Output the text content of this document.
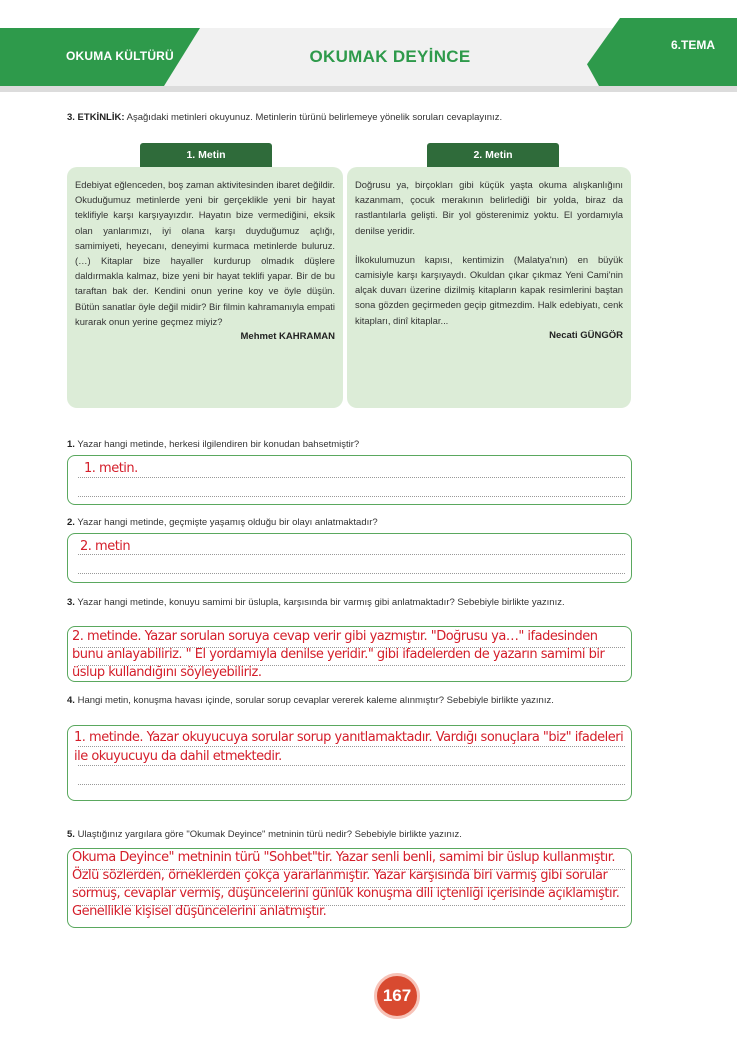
OKUMA KÜLTÜRÜ	OKUMAK DEYİNCE
6.TEMA
3. ETKİNLİK: Aşağıdaki metinleri okuyunuz. Metinlerin türünü belirlemeye yönelik soruları cevaplayınız.
1. Metin
Edebiyat eğlenceden, boş zaman aktivitesinden ibaret değildir. Okuduğumuz metinlerde yeni bir gerçeklikle yeni bir hayat teklifiyle karşı karşıyayızdır. Hayatın bize vermediğini, eksik olan yanlarımızı, iyi olana karşı duyduğumuz açlığı, samimiyeti, heyecanı, deneyimi kurmaca metinlerde buluruz. (…) Kitaplar bize hayaller kurdurup olmadık düşlere daldırmakla kalmaz, bize yeni bir hayat teklifi yapar. Bir de bu taraftan bak der. Kendini onun yerine koy ve öyle düşün. Bütün sanatlar öyle değil midir? Bir filmin kahramanıyla empati kurarak onun yerine geçmez miyiz?
Mehmet KAHRAMAN
2. Metin
Doğrusu ya, birçokları gibi küçük yaşta okuma alışkanlığını kazanmam, çocuk merakının belirlediği bir yolda, biraz da rastlantılarla gelişti. Bir yol gösterenimiz yoktu. El yordamıyla denilse yeridir.
İlkokulumuzun kapısı, kentimizin (Malatya'nın) en büyük camisiyle karşı karşıyaydı. Okuldan çıkar çıkmaz Yeni Cami'nin alçak duvarı üzerine dizilmiş kitapların kapak resimlerini baştan sona gözden geçirmeden geçip gitmezdim. Halk edebiyatı, cenk kitapları, dinî kitaplar...
Necati GÜNGÖR
1. Yazar hangi metinde, herkesi ilgilendiren bir konudan bahsetmiştir?
1. metin.
2. Yazar hangi metinde, geçmişte yaşamış olduğu bir olayı anlatmaktadır?
2. metin
3. Yazar hangi metinde, konuyu samimi bir üslupla, karşısında bir varmış gibi anlatmaktadır? Sebebiyle birlikte yazınız.
2. metinde. Yazar sorulan soruya cevap verir gibi yazmıştır. "Doğrusu ya…" ifadesinden bunu anlayabiliriz. " El yordamıyla denilse yeridir." gibi ifadelerden de yazarın samimi bir üslup kullandığını söyleyebiliriz.
4. Hangi metin, konuşma havası içinde, sorular sorup cevaplar vererek kaleme alınmıştır? Sebebiyle birlikte yazınız.
1. metinde. Yazar okuyucuya sorular sorup yanıtlamaktadır. Vardığı sonuçlara "biz" ifadeleri ile okuyucuyu da dahil etmektedir.
5. Ulaştığınız yargılara göre "Okumak Deyince" metninin türü nedir? Sebebiyle birlikte yazınız.
Okuma Deyince" metninin türü "Sohbet"tir. Yazar senli benli, samimi bir üslup kullanmıştır. Özlü sözlerden, örneklerden çokça yararlanmıştır. Yazar karşısında biri varmış gibi sorular sormuş, cevaplar vermiş, düşüncelerini günlük konuşma dili içtenliği içerisinde açıklamıştır. Genellikle kişisel düşüncelerini anlatmıştır.
167
